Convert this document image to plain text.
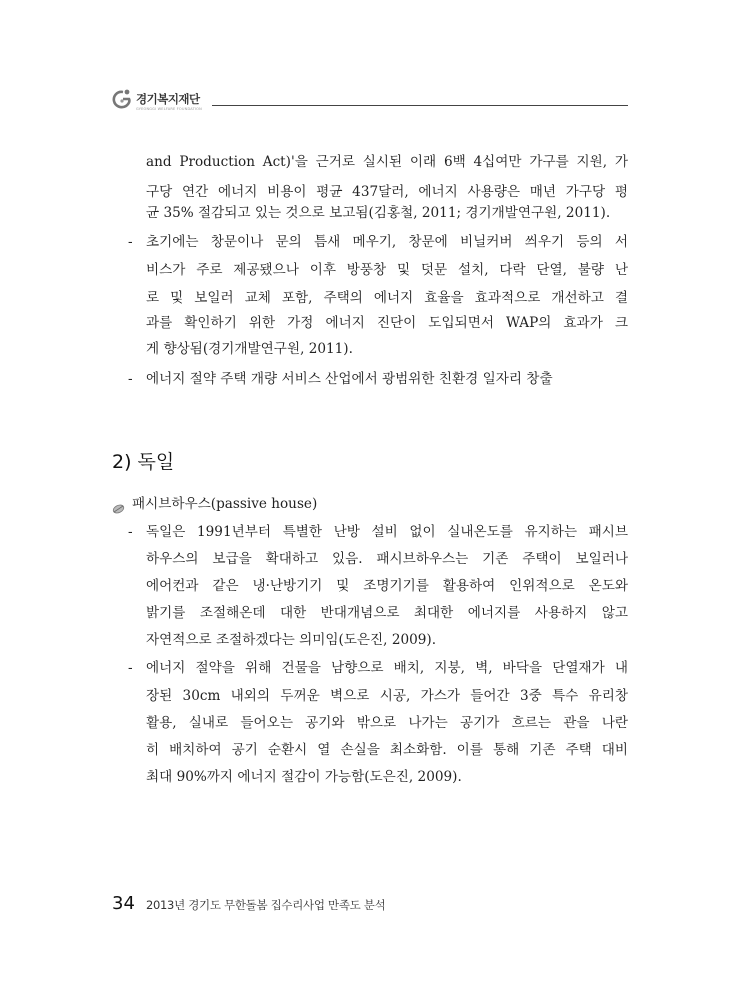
경기복지재단
GYEONGGI WELFARE FOUNDATION
and Production Act)'을 근거로 실시된 이래 6백 4십여만 가구를 지원, 가
구당 연간 에너지 비용이 평균 437달러, 에너지 사용량은 매년 가구당 평
균 35% 절감되고 있는 것으로 보고됨(김홍철, 2011; 경기개발연구원, 2011).
- 초기에는 창문이나 문의 틈새 메우기, 창문에 비닐커버 씌우기 등의 서
비스가 주로 제공됐으나 이후 방풍창 및 덧문 설치, 다락 단열, 불량 난
로 및 보일러 교체 포함, 주택의 에너지 효율을 효과적으로 개선하고 결
과를 확인하기 위한 가정 에너지 진단이 도입되면서 WAP의 효과가 크
게 향상됨(경기개발연구원, 2011).
- 에너지 절약 주택 개량 서비스 산업에서 광범위한 친환경 일자리 창출
2) 독일
패시브하우스(passive house)
- 독일은 1991년부터 특별한 난방 설비 없이 실내온도를 유지하는 패시브
하우스의 보급을 확대하고 있음. 패시브하우스는 기존 주택이 보일러나
에어컨과 같은 냉·난방기기 및 조명기기를 활용하여 인위적으로 온도와
밝기를 조절해온데 대한 반대개념으로 최대한 에너지를 사용하지 않고
자연적으로 조절하겠다는 의미임(도은진, 2009).
- 에너지 절약을 위해 건물을 남향으로 배치, 지붕, 벽, 바닥을 단열재가 내
장된 30cm 내외의 두꺼운 벽으로 시공, 가스가 들어간 3중 특수 유리창
활용, 실내로 들어오는 공기와 밖으로 나가는 공기가 흐르는 관을 나란
히 배치하여 공기 순환시 열 손실을 최소화함. 이를 통해 기존 주택 대비
최대 90%까지 에너지 절감이 가능함(도은진, 2009).
34 2013년 경기도 무한돌봄 집수리사업 만족도 분석
